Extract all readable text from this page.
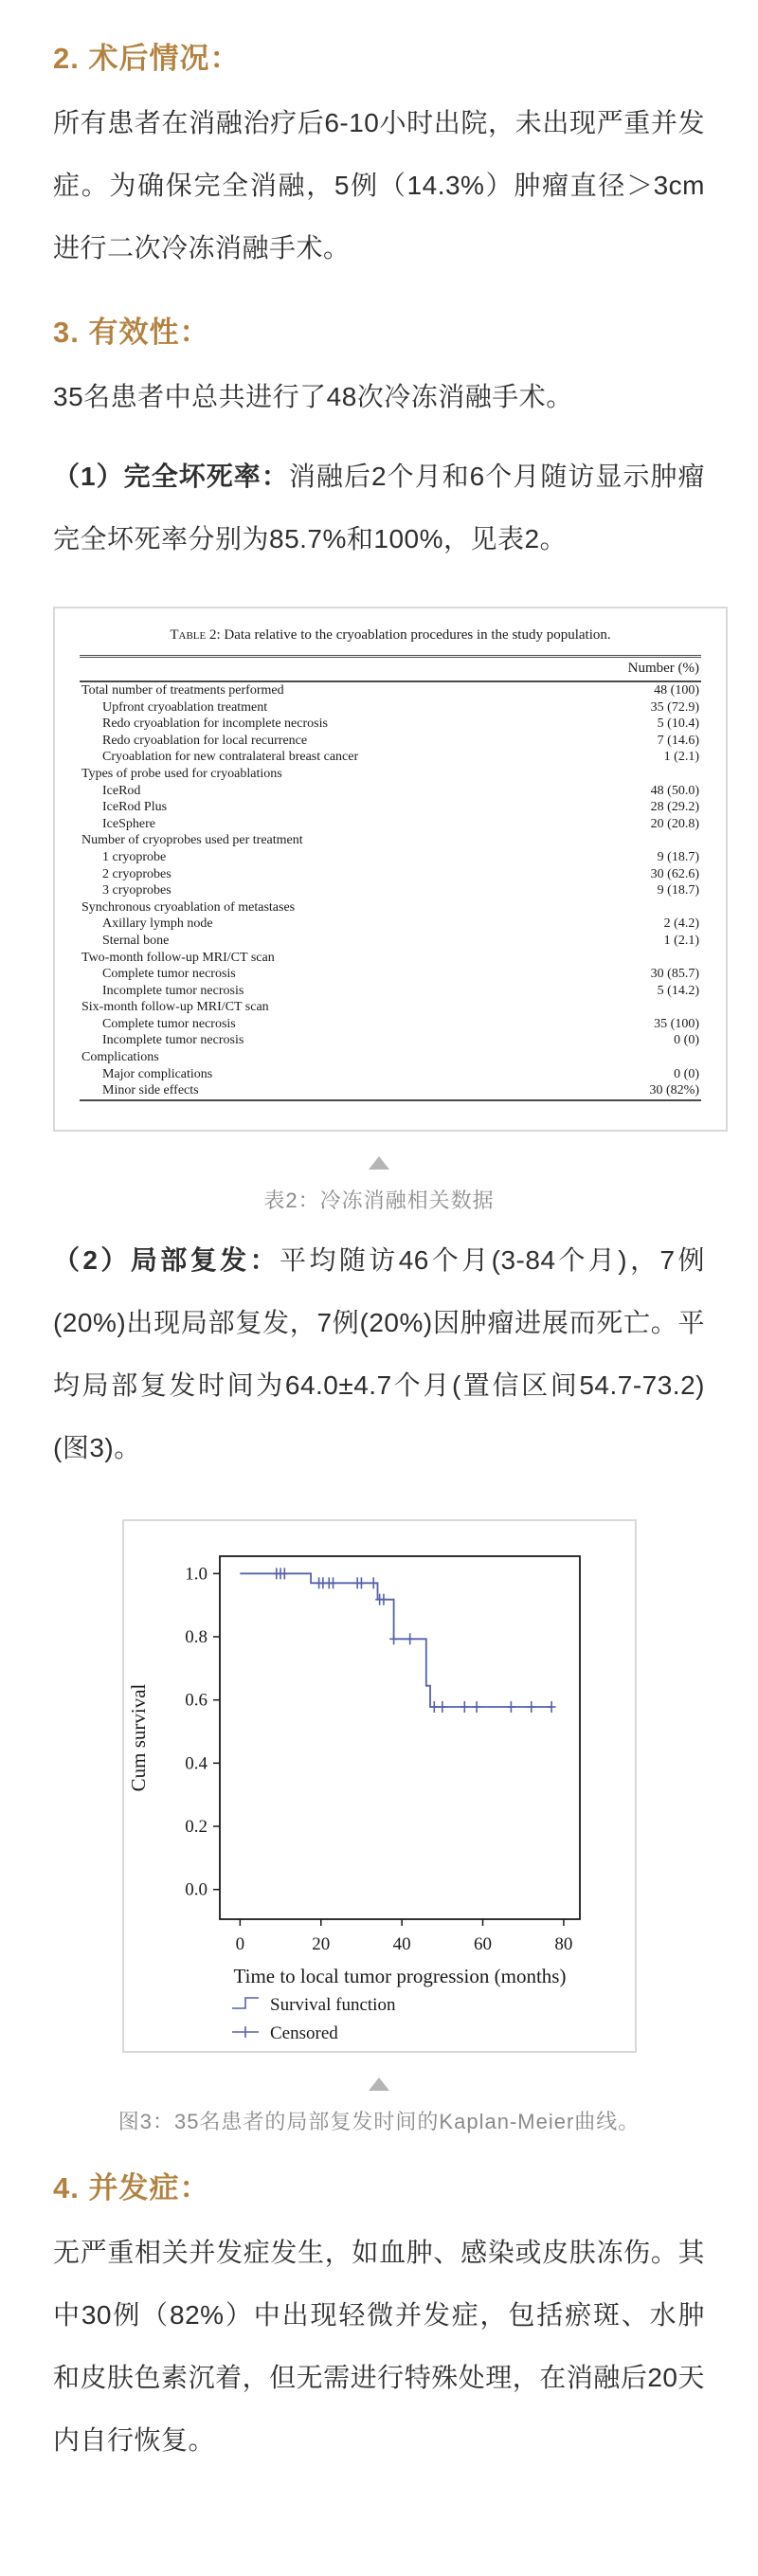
2. 术后情况：

所有患者在消融治疗后6-10小时出院，未出现严重并发症。为确保完全消融，5例（14.3%）肿瘤直径＞3cm进行二次冷冻消融手术。

3. 有效性：

35名患者中总共进行了48次冷冻消融手术。

（1）完全坏死率：消融后2个月和6个月随访显示肿瘤完全坏死率分别为85.7%和100%，见表2。

Table 2: Data relative to the cryoablation procedures in the study population.
Number (%)
Total number of treatments performed	48 (100)
Upfront cryoablation treatment	35 (72.9)
Redo cryoablation for incomplete necrosis	5 (10.4)
Redo cryoablation for local recurrence	7 (14.6)
Cryoablation for new contralateral breast cancer	1 (2.1)
Types of probe used for cryoablations	
IceRod	48 (50.0)
IceRod Plus	28 (29.2)
IceSphere	20 (20.8)
Number of cryoprobes used per treatment	
1 cryoprobe	9 (18.7)
2 cryoprobes	30 (62.6)
3 cryoprobes	9 (18.7)
Synchronous cryoablation of metastases	
Axillary lymph node	2 (4.2)
Sternal bone	1 (2.1)
Two-month follow-up MRI/CT scan	
Complete tumor necrosis	30 (85.7)
Incomplete tumor necrosis	5 (14.2)
Six-month follow-up MRI/CT scan	
Complete tumor necrosis	35 (100)
Incomplete tumor necrosis	0 (0)
Complications	
Major complications	0 (0)
Minor side effects	30 (82%)
表2：冷冻消融相关数据

（2）局部复发：平均随访46个月(3-84个月)，7例(20%)出现局部复发，7例(20%)因肿瘤进展而死亡。平均局部复发时间为64.0±4.7个月(置信区间54.7-73.2)(图3)。

0.0
0.2
0.4
0.6
0.8
1.0
0	20	40	60	80
Time to local tumor progression (months)
Cum survival
Survival function
Censored
图3：35名患者的局部复发时间的Kaplan-Meier曲线。
4. 并发症：

无严重相关并发症发生，如血肿、感染或皮肤冻伤。其中30例（82%）中出现轻微并发症，包括瘀斑、水肿和皮肤色素沉着，但无需进行特殊处理，在消融后20天内自行恢复。
